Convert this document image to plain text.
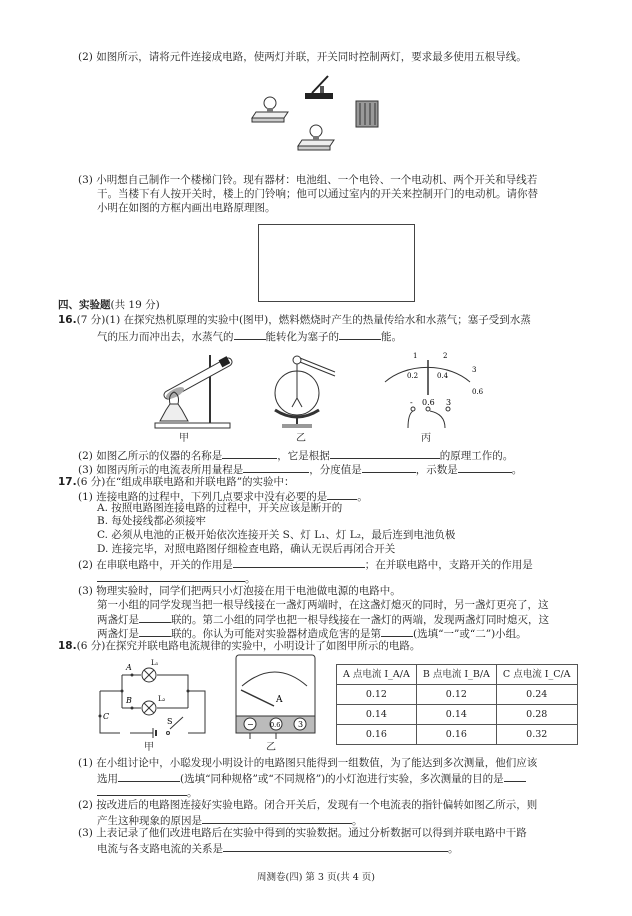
(2) 如图所示，请将元件连接成电路，使两灯并联，开关同时控制两灯，要求最多使用五根导线。
(3) 小明想自己制作一个楼梯门铃。现有器材：电池组、一个电铃、一个电动机、两个开关和导线若
干。当楼下有人按开关时，楼上的门铃响；他可以通过室内的开关来控制开门的电动机。请你替
小明在如图的方框内画出电路原理图。
四、实验题(共 19 分)
16.(7 分)(1) 在探究热机原理的实验中(图甲)，燃料燃烧时产生的热量传给水和水蒸气；塞子受到水蒸
气的压力而冲出去，水蒸气的	能转化为塞子的	能。
0.2	0.4
0.6
1	2
3
- 0.6 3
甲	乙	丙
(2) 如图乙所示的仪器的名称是	，它是根据	的原理工作的。
(3) 如图丙所示的电流表所用量程是	，分度值是	，示数是	。
17.(6 分)在“组成串联电路和并联电路”的实验中：
(1) 连接电路的过程中，下列几点要求中没有必要的是	。
A. 按照电路图连接电路的过程中，开关应该是断开的
B. 每处接线都必须接牢
C. 必须从电池的正极开始依次连接开关 S、灯 L₁、灯 L₂，最后连到电池负极
D. 连接完毕，对照电路图仔细检查电路，确认无误后再闭合开关
(2) 在串联电路中，开关的作用是	；在并联电路中，支路开关的作用是
。
(3) 物理实验时，同学们把两只小灯泡接在用干电池做电源的电路中。
第一小组的同学发现当把一根导线接在一盏灯两端时，在这盏灯熄灭的同时，另一盏灯更亮了，这
两盏灯是	联的。第二小组的同学也把一根导线接在一盏灯的两端，发现两盏灯同时熄灭，这
两盏灯是	联的。你认为可能对实验器材造成危害的是第	(选填“一”或“二”)小组。
18.(6 分)在探究并联电路电流规律的实验中，小明设计了如图甲所示的电路。
A
B
C
L₁
L₂
S
A
−	0.6 3
甲	乙
A 点电流 I_A/A	B 点电流 I_B/A	C 点电流 I_C/A
0.12	0.12	0.24
0.14	0.14	0.28
0.16	0.16	0.32
(1) 在小组讨论中，小聪发现小明设计的电路图只能得到一组数值，为了能达到多次测量，他们应该
选用	(选填“同种规格”或“不同规格”)的小灯泡进行实验，多次测量的目的是
。
(2) 按改进后的电路图连接好实验电路。闭合开关后，发现有一个电流表的指针偏转如图乙所示，则
产生这种现象的原因是	。
(3) 上表记录了他们改进电路后在实验中得到的实验数据。通过分析数据可以得到并联电路中干路
电流与各支路电流的关系是	。
周测卷(四) 第 3 页(共 4 页)
